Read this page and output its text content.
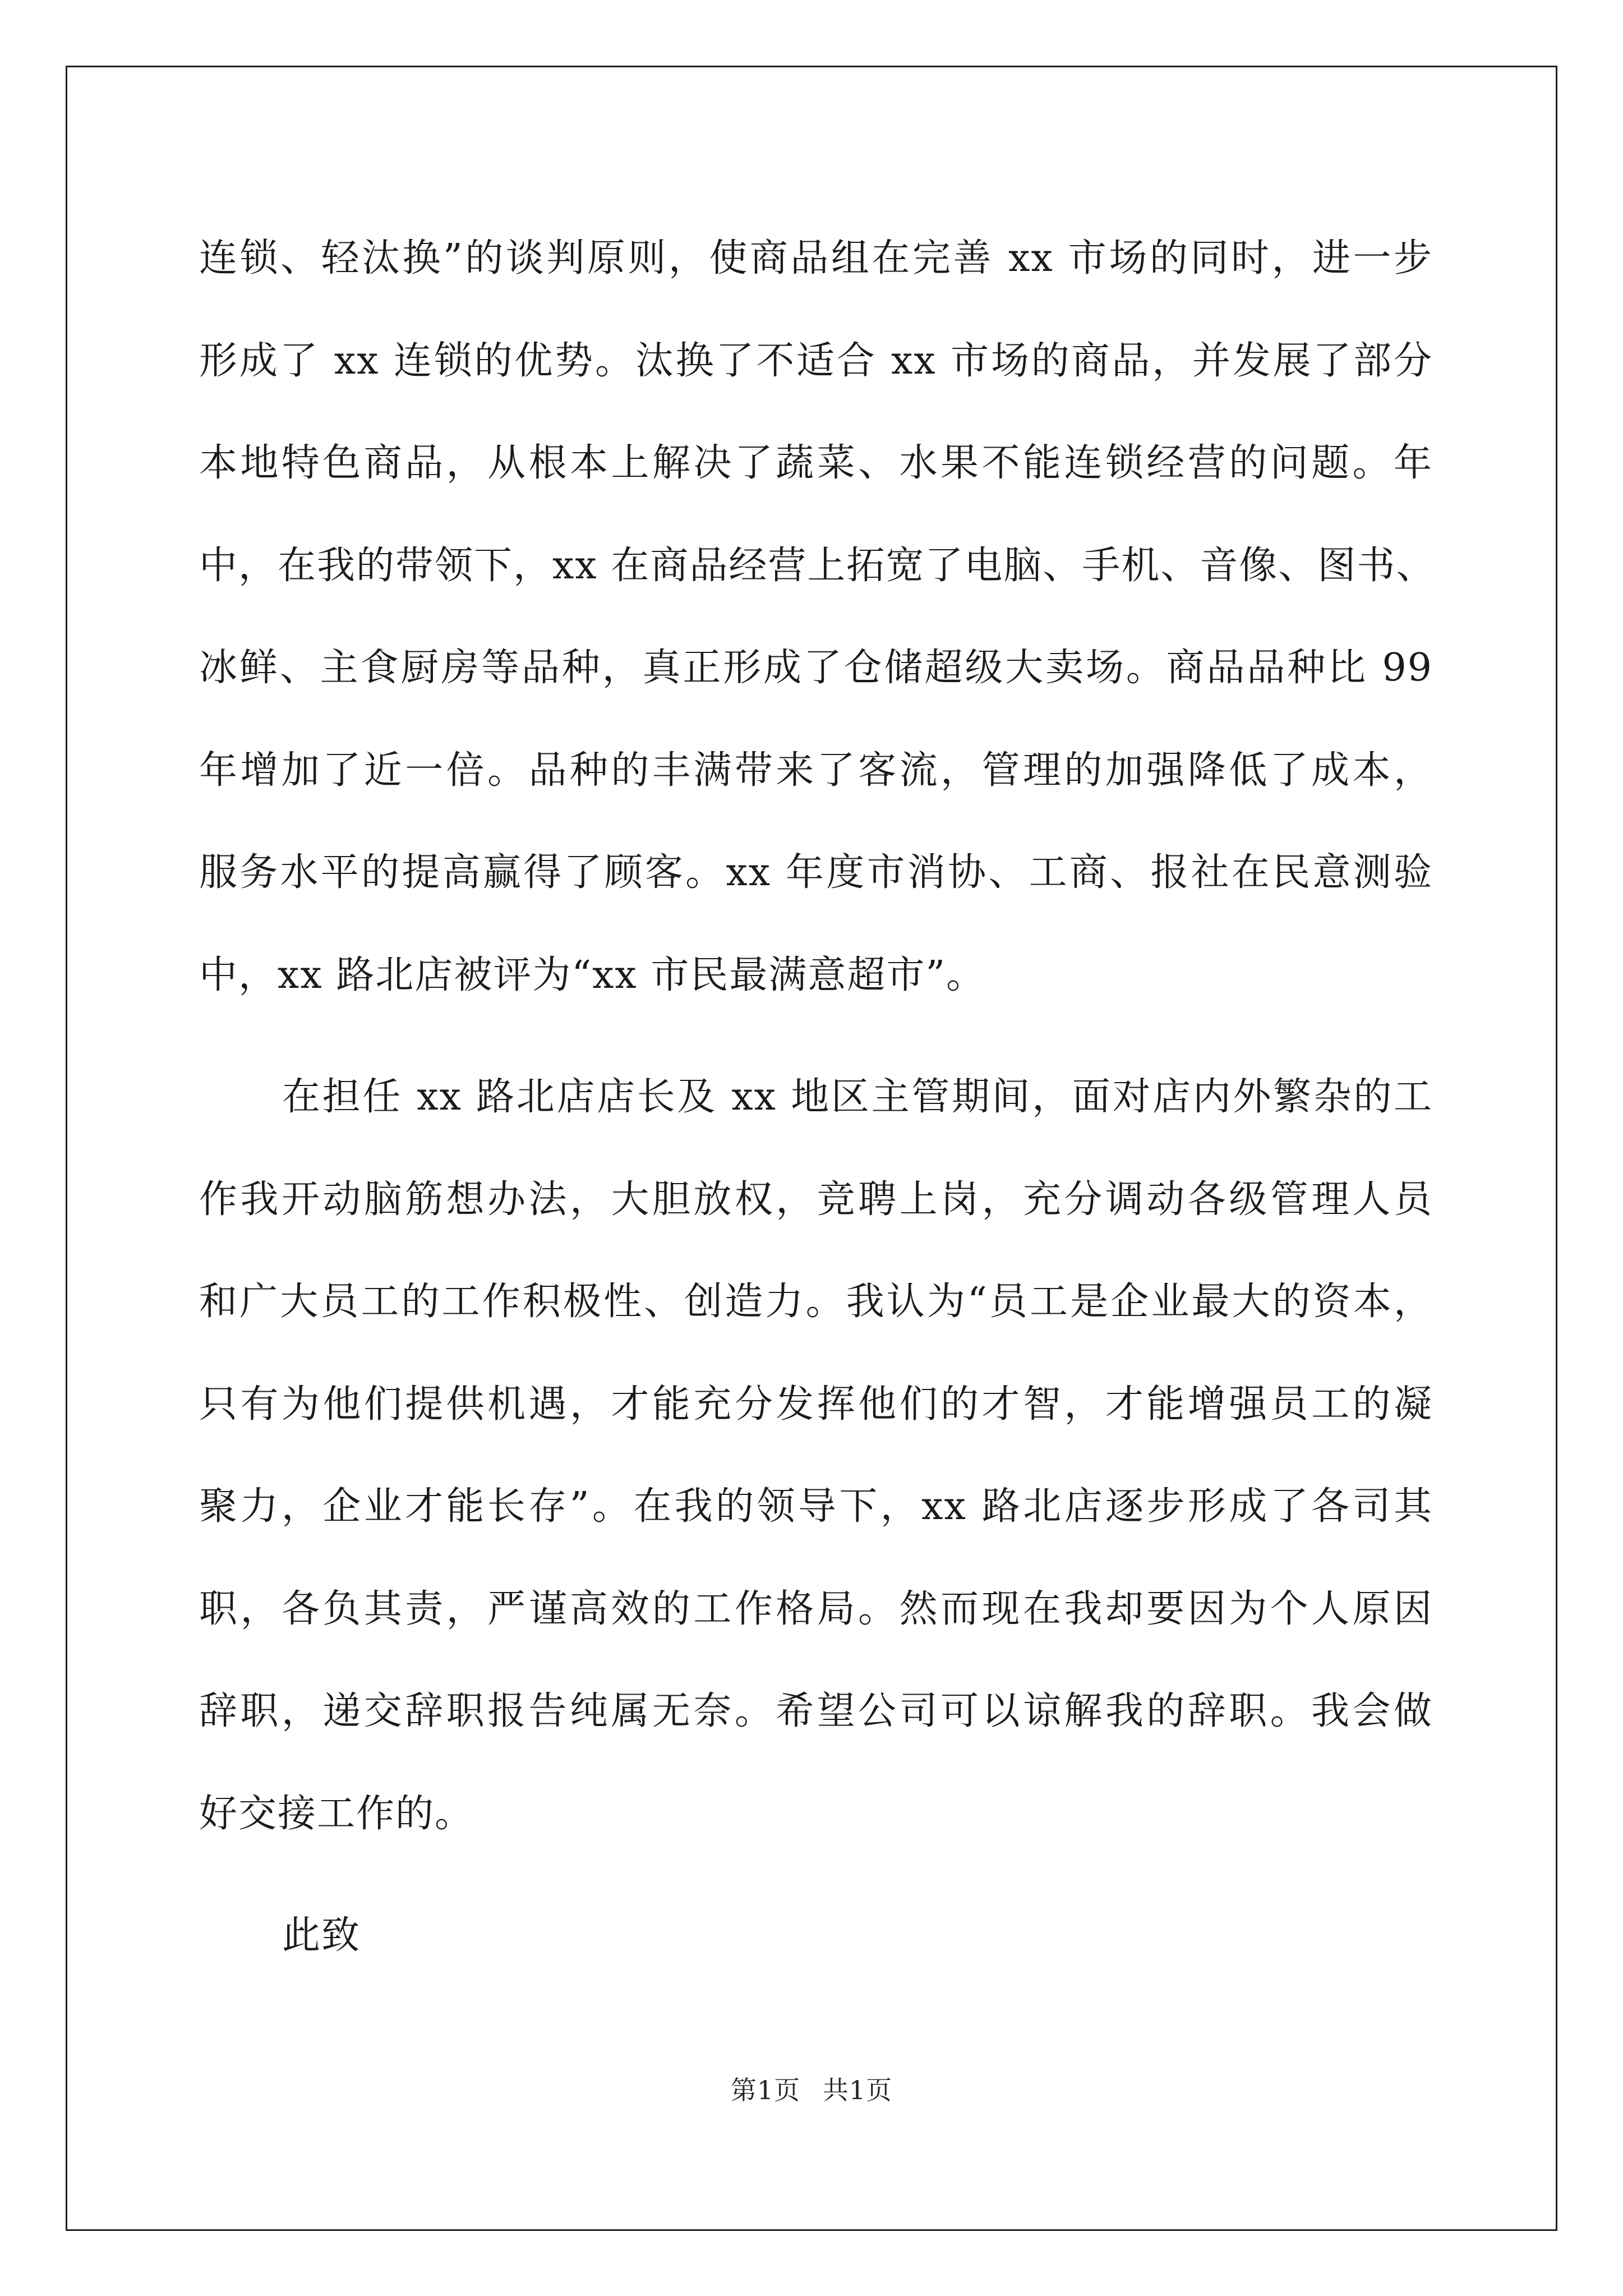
连锁、轻汰换”的谈判原则，使商品组在完善 xx 市场的同时，进一步
形成了 xx 连锁的优势。汰换了不适合 xx 市场的商品，并发展了部分
本地特色商品，从根本上解决了蔬菜、水果不能连锁经营的问题。年
中，在我的带领下，xx 在商品经营上拓宽了电脑、手机、音像、图书、
冰鲜、主食厨房等品种，真正形成了仓储超级大卖场。商品品种比 99
年增加了近一倍。品种的丰满带来了客流，管理的加强降低了成本，
服务水平的提高赢得了顾客。xx 年度市消协、工商、报社在民意测验
中，xx 路北店被评为“xx 市民最满意超市”。
在担任 xx 路北店店长及 xx 地区主管期间，面对店内外繁杂的工
作我开动脑筋想办法，大胆放权，竞聘上岗，充分调动各级管理人员
和广大员工的工作积极性、创造力。我认为“员工是企业最大的资本，
只有为他们提供机遇，才能充分发挥他们的才智，才能增强员工的凝
聚力，企业才能长存”。在我的领导下，xx 路北店逐步形成了各司其
职，各负其责，严谨高效的工作格局。然而现在我却要因为个人原因
辞职，递交辞职报告纯属无奈。希望公司可以谅解我的辞职。我会做
好交接工作的。
此致
第1页 共1页
